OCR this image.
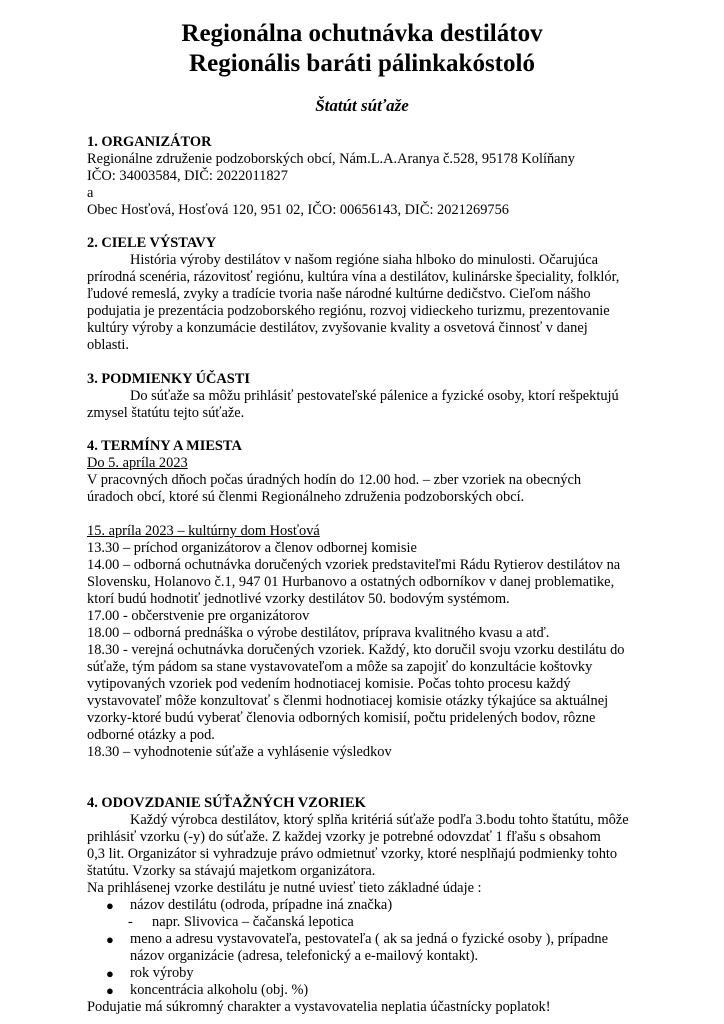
Regionálna ochutnávka destilátov
Regionális baráti pálinkakóstoló
Štatút súťaže
1. ORGANIZÁTOR
Regionálne združenie podzoborských obcí, Nám.L.A.Aranya č.528, 95178 Kolíňany
IČO: 34003584, DIČ: 2022011827
a
Obec Hosťová, Hosťová 120, 951 02, IČO: 00656143, DIČ: 2021269756
2. CIELE VÝSTAVY
História výroby destilátov v našom regióne siaha hlboko do minulosti. Očarujúca
prírodná scenéria, rázovitosť regiónu, kultúra vína a destilátov, kulinárske špeciality, folklór,
ľudové remeslá, zvyky a tradície tvoria naše národné kultúrne dedičstvo. Cieľom nášho
podujatia je prezentácia podzoborského regiónu, rozvoj vidieckeho turizmu, prezentovanie
kultúry výroby a konzumácie destilátov, zvyšovanie kvality a osvetová činnosť v danej
oblasti.
3. PODMIENKY ÚČASTI
Do súťaže sa môžu prihlásiť pestovateľské pálenice a fyzické osoby, ktorí rešpektujú
zmysel štatútu tejto súťaže.
4. TERMÍNY A MIESTA
Do 5. apríla 2023
V pracovných dňoch počas úradných hodín do 12.00 hod. – zber vzoriek na obecných
úradoch obcí, ktoré sú členmi Regionálneho združenia podzoborských obcí.
15. apríla 2023 – kultúrny dom Hosťová
13.30 – príchod organizátorov a členov odbornej komisie
14.00 – odborná ochutnávka doručených vzoriek predstaviteľmi Rádu Rytierov destilátov na
Slovensku, Holanovo č.1, 947 01 Hurbanovo a ostatných odborníkov v danej problematike,
ktorí budú hodnotiť jednotlivé vzorky destilátov 50. bodovým systémom.
17.00 - občerstvenie pre organizátorov
18.00 – odborná prednáška o výrobe destilátov, príprava kvalitného kvasu a atď.
18.30 - verejná ochutnávka doručených vzoriek. Každý, kto doručil svoju vzorku destilátu do
súťaže, tým pádom sa stane vystavovateľom a môže sa zapojiť do konzultácie koštovky
vytipovaných vzoriek pod vedením hodnotiacej komisie. Počas tohto procesu každý
vystavovateľ môže konzultovať s členmi hodnotiacej komisie otázky týkajúce sa aktuálnej
vzorky-ktoré budú vyberať členovia odborných komisií, počtu pridelených bodov, rôzne
odborné otázky a pod.
18.30 – vyhodnotenie súťaže a vyhlásenie výsledkov
4. ODOVZDANIE SÚŤAŽNÝCH VZORIEK
Každý výrobca destilátov, ktorý splňa kritériá súťaže podľa 3.bodu tohto štatútu, môže
prihlásiť vzorku (-y) do súťaže. Z každej vzorky je potrebné odovzdať 1 fľašu s obsahom
0,3 lit. Organizátor si vyhradzuje právo odmietnuť vzorky, ktoré nesplňajú podmienky tohto
štatútu. Vzorky sa stávajú majetkom organizátora.
Na prihlásenej vzorke destilátu je nutné uviesť tieto základné údaje :
● názov destilátu (odroda, prípadne iná značka)
- napr. Slivovica – čačanská lepotica
● meno a adresu vystavovateľa, pestovateľa ( ak sa jedná o fyzické osoby ), prípadne
názov organizácie (adresa, telefonický a e-mailový kontakt).
● rok výroby
● koncentrácia alkoholu (obj. %)
Podujatie má súkromný charakter a vystavovatelia neplatia účastnícky poplatok!
